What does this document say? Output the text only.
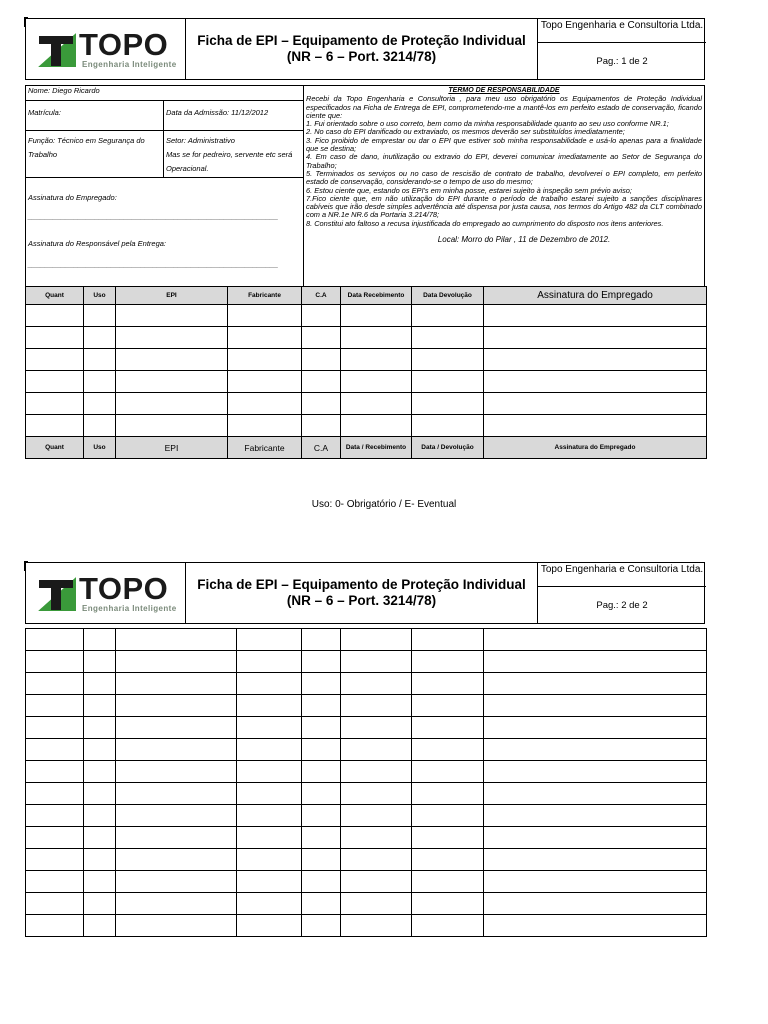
TOPO
Engenharia Inteligente
Ficha de EPI – Equipamento de Proteção Individual
(NR – 6 – Port. 3214/78)
Topo Engenharia e Consultoria Ltda.
Pag.: 1 de 2
Nome: Diego Ricardo
Matrícula:	Data da Admissão: 11/12/2012
Função: Técnico em Segurança do Trabalho
Setor: Administrativo
Mas se for pedreiro, servente etc será Operacional.
Assinatura do Empregado:
____________________________________________________________
Assinatura do Responsável pela Entrega:
____________________________________________________________
TERMO DE RESPONSABILIDADE
Recebi da Topo Engenharia e Consultoria , para meu uso obrigatório os Equipamentos de Proteção Individual especificados na Ficha de Entrega de EPI, comprometendo-me a mantê-los em perfeito estado de conservação, ficando ciente que:
1. Fui orientado sobre o uso correto, bem como da minha responsabilidade quanto ao seu uso conforme NR.1;
2. No caso do EPI danificado ou extraviado, os mesmos deverão ser substituídos imediatamente;
3. Fico proibido de emprestar ou dar o EPI que estiver sob minha responsabilidade e usá-lo apenas para a finalidade que se destina;
4. Em caso de dano, inutilização ou extravio do EPI, deverei comunicar imediatamente ao Setor de Segurança do Trabalho;
5. Terminados os serviços ou no caso de rescisão de contrato de trabalho, devolverei o EPI completo, em perfeito estado de conservação, considerando-se o tempo de uso do mesmo;
6. Estou ciente que, estando os EPI's em minha posse, estarei sujeito à inspeção sem prévio aviso;
7.Fico ciente que, em não utilização do EPI durante o período de trabalho estarei sujeito a sanções disciplinares cabíveis que irão desde simples advertência até dispensa por justa causa, nos termos do Artigo 482 da CLT combinado com a NR.1e NR.6 da Portaria 3.214/78;
8. Constitui ato faltoso a recusa injustificada do empregado ao cumprimento do disposto nos itens anteriores.
Local: Morro do Pilar , 11 de Dezembro de 2012.
Quant	Uso	EPI	Fabricante	C.A	Data Recebimento	Data Devolução	Assinatura do Empregado

Quant	Uso	EPI	Fabricante	C.A	Data / Recebimento	Data / Devolução	Assinatura do Empregado
Uso: 0- Obrigatório / E- Eventual
TOPO
Engenharia Inteligente
Ficha de EPI – Equipamento de Proteção Individual
(NR – 6 – Port. 3214/78)
Topo Engenharia e Consultoria Ltda.
Pag.: 2 de 2
